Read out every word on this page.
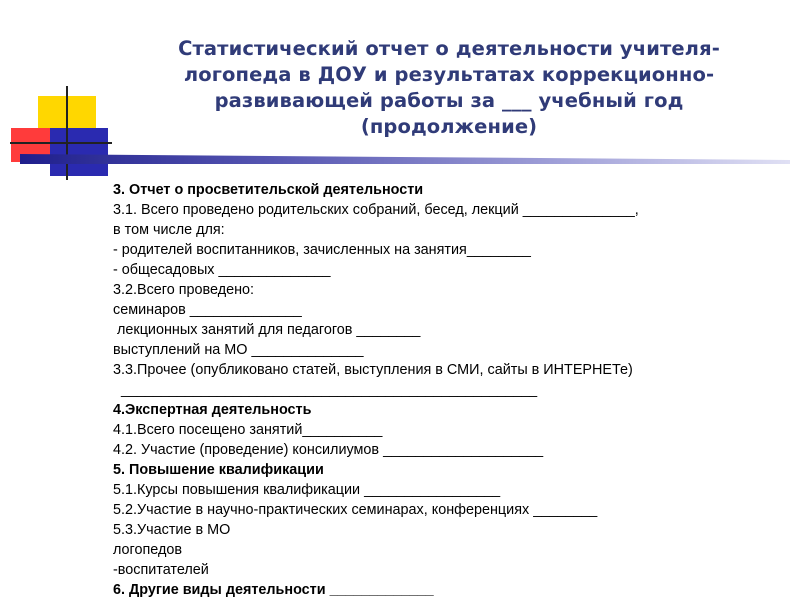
Статистический отчет о деятельности учителя-
логопеда в ДОУ и результатах коррекционно-
развивающей работы за ___ учебный год
(продолжение)
3. Отчет о просветительской деятельности
3.1. Всего проведено родительских собраний, бесед, лекций ______________,
в том числе для:
- родителей воспитанников, зачисленных на занятия________
- общесадовых ______________
3.2.Всего проведено:
семинаров ______________
лекционных занятий для педагогов ________
выступлений на МО ______________
3.3.Прочее (опубликовано статей, выступления в СМИ, сайты в ИНТЕРНЕТе)
____________________________________________________
4.Экспертная деятельность
4.1.Всего посещено занятий__________
4.2. Участие (проведение) консилиумов ____________________
5. Повышение квалификации
5.1.Курсы повышения квалификации _________________
5.2.Участие в научно-практических семинарах, конференциях ________
5.3.Участие в МО
логопедов
-воспитателей
6. Другие виды деятельности _____________
